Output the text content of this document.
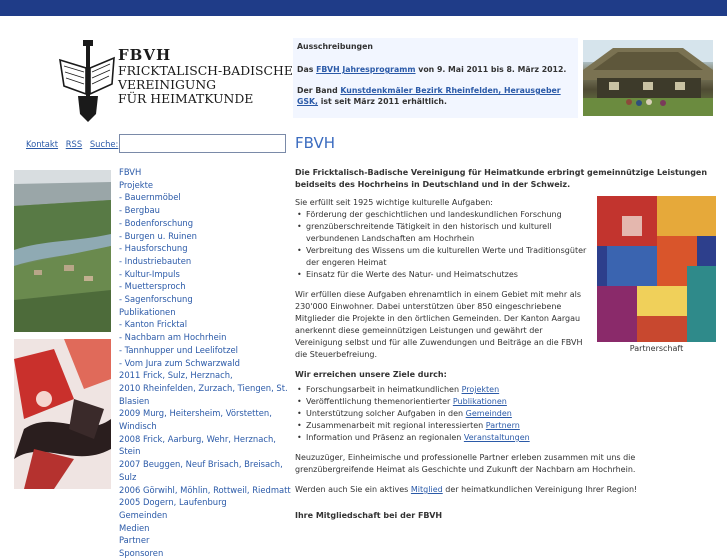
FBVH
FRICKTALISCH-BADISCHE
VEREINIGUNG
FÜR HEIMATKUNDE

Ausschreibungen

Das FBVH Jahresprogramm von 9. Mai 2011 bis 8. März 2012.

Der Band Kunstdenkmäler Bezirk Rheinfelden, Herausgeber GSK, ist seit März 2011 erhältlich.

Kontakt RSS Suche:
FBVH
Projekte
- Bauernmöbel
- Bergbau
- Bodenforschung
- Burgen u. Ruinen
- Hausforschung
- Industriebauten
- Kultur-Impuls
- Muettersproch
- Sagenforschung
Publikationen
- Kanton Fricktal
- Nachbarn am Hochrhein
- Tannhupper und Leelifotzel
- Vom Jura zum Schwarzwald
2011 Frick, Sulz, Herznach,
2010 Rheinfelden, Zurzach, Tiengen, St. Blasien
2009 Murg, Heitersheim, Vörstetten, Windisch
2008 Frick, Aarburg, Wehr, Herznach, Stein
2007 Beuggen, Neuf Brisach, Breisach, Sulz
2006 Görwihl, Möhlin, Rottweil, Riedmatt
2005 Dogern, Laufenburg
Gemeinden
Medien
Partner
Sponsoren
FBVH

Die Fricktalisch-Badische Vereinigung für Heimatkunde erbringt gemeinnützige Leistungen beidseits des Hochrheins in Deutschland und in der Schweiz.

Sie erfüllt seit 1925 wichtige kulturelle Aufgaben:

• Förderung der geschichtlichen und landeskundlichen Forschung
• grenzüberschreitende Tätigkeit in den historisch und kulturell verbundenen Landschaften am Hochrhein
• Verbreitung des Wissens um die kulturellen Werte und Traditionsgüter der engeren Heimat
• Einsatz für die Werte des Natur- und Heimatschutzes

Wir erfüllen diese Aufgaben ehrenamtlich in einem Gebiet mit mehr als 230'000 Einwohner. Dabei unterstützen über 850 eingeschriebene Mitglieder die Projekte in den örtlichen Gemeinden. Der Kanton Aargau anerkennt diese gemeinnützigen Leistungen und gewährt der Vereinigung selbst und für alle Zuwendungen und Beiträge an die FBVH die Steuerbefreiung.

Wir erreichen unsere Ziele durch:
• Forschungsarbeit in heimatkundlichen Projekten
• Veröffentlichung themenorientierter Publikationen
• Unterstützung solcher Aufgaben in den Gemeinden
• Zusammenarbeit mit regional interessierten Partnern
• Information und Präsenz an regionalen Veranstaltungen

Neuzuzüger, Einheimische und professionelle Partner erleben zusammen mit uns die grenzübergreifende Heimat als Geschichte und Zukunft der Nachbarn am Hochrhein.

Werden auch Sie ein aktives Mitglied der heimatkundlichen Vereinigung Ihrer Region!

Ihre Mitgliedschaft bei der FBVH
Partnerschaft
